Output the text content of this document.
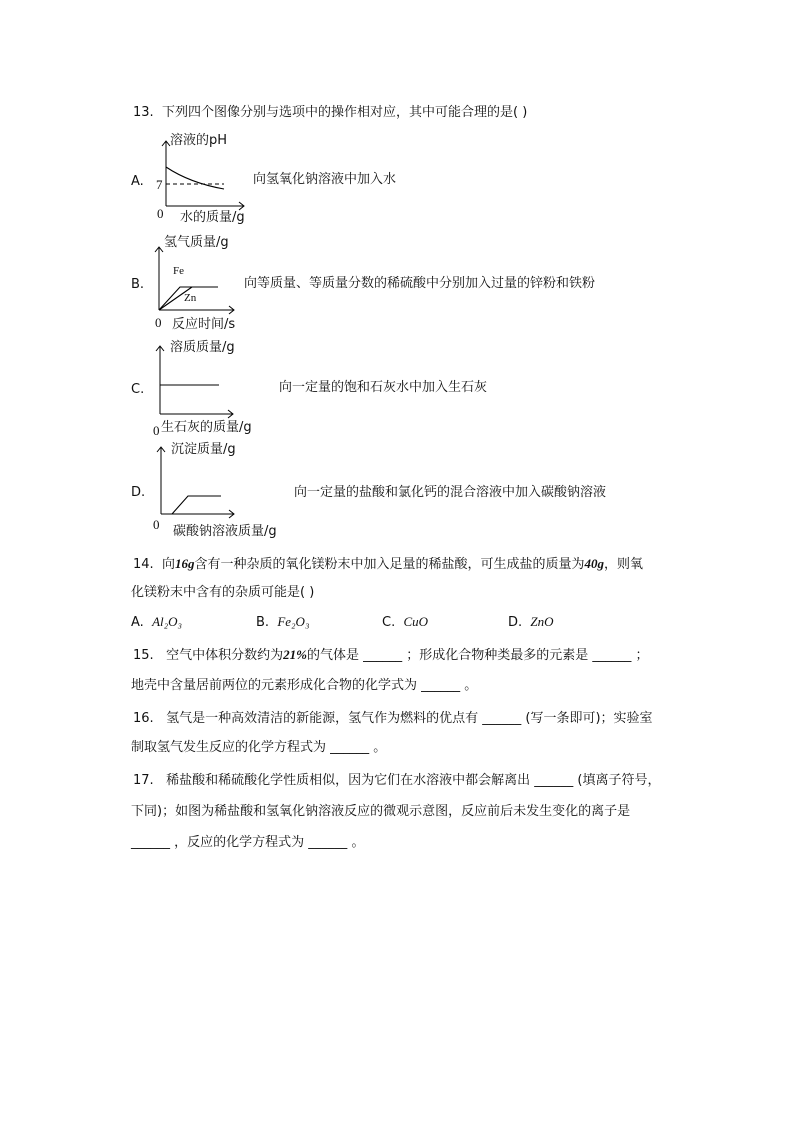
13. 下列四个图像分别与选项中的操作相对应，其中可能合理的是( )
A.
溶液的pH
7
0 水的质量/g
向氢氧化钠溶液中加入水
B.
氢气质量/g
Fe
Zn
0 反应时间/s
向等质量、等质量分数的稀硫酸中分别加入过量的锌粉和铁粉
C.
溶质质量/g
0 生石灰的质量/g
向一定量的饱和石灰水中加入生石灰
D.
沉淀质量/g
0 碳酸钠溶液质量/g
向一定量的盐酸和氯化钙的混合溶液中加入碳酸钠溶液
14. 向16g含有一种杂质的氧化镁粉末中加入足量的稀盐酸，可生成盐的质量为40g，则氧
化镁粉末中含有的杂质可能是( )
A. Al₂O₃	B. Fe₂O₃	C. CuO	D. ZnO
15. 空气中体积分数约为21%的气体是 ______ ；形成化合物种类最多的元素是 ______ ；
地壳中含量居前两位的元素形成化合物的化学式为 ______ 。
16. 氢气是一种高效清洁的新能源，氢气作为燃料的优点有 ______ (写一条即可)；实验室
制取氢气发生反应的化学方程式为 ______ 。
17. 稀盐酸和稀硫酸化学性质相似，因为它们在水溶液中都会解离出 ______ (填离子符号，
下同)；如图为稀盐酸和氢氧化钠溶液反应的微观示意图，反应前后未发生变化的离子是
______ ，反应的化学方程式为 ______ 。
